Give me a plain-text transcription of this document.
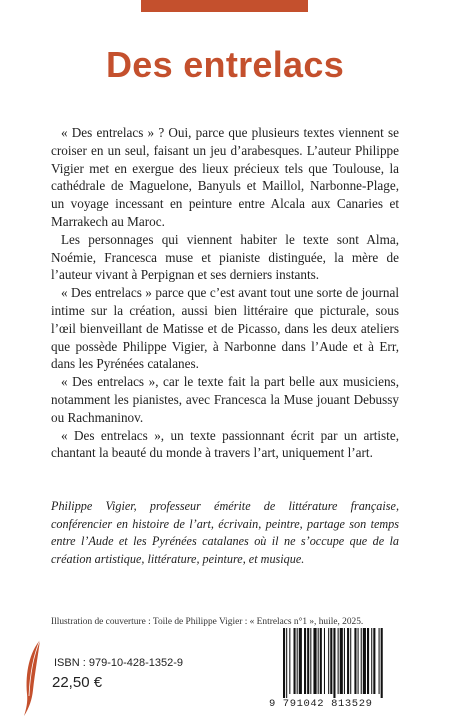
Des entrelacs

« Des entrelacs » ? Oui, parce que plusieurs textes viennent se croiser en un seul, faisant un jeu d’arabesques. L’auteur Philippe Vigier met en exergue des lieux précieux tels que Toulouse, la cathédrale de Maguelone, Banyuls et Maillol, Narbonne-Plage, un voyage incessant en peinture entre Alcala aux Canaries et Marrakech au Maroc.

Les personnages qui viennent habiter le texte sont Alma, Noémie, Francesca muse et pianiste distinguée, la mère de l’auteur vivant à Perpignan et ses derniers instants.

« Des entrelacs » parce que c’est avant tout une sorte de journal intime sur la création, aussi bien littéraire que picturale, sous l’œil bienveillant de Matisse et de Picasso, dans les deux ateliers que possède Philippe Vigier, à Narbonne dans l’Aude et à Err, dans les Pyrénées catalanes.

« Des entrelacs », car le texte fait la part belle aux musiciens, notamment les pianistes, avec Francesca la Muse jouant Debussy ou Rachmaninov.

« Des entrelacs », un texte passionnant écrit par un artiste, chantant la beauté du monde à travers l’art, uniquement l’art.

Philippe Vigier, professeur émérite de littérature française, conférencier en histoire de l’art, écrivain, peintre, partage son temps entre l’Aude et les Pyrénées catalanes où il ne s’occupe que de la création artistique, littérature, peinture, et musique.
Illustration de couverture : Toile de Philippe Vigier : « Entrelacs n°1 », huile, 2025.
ISBN : 979-10-428-1352-9
22,50 €
9 791042 813529
